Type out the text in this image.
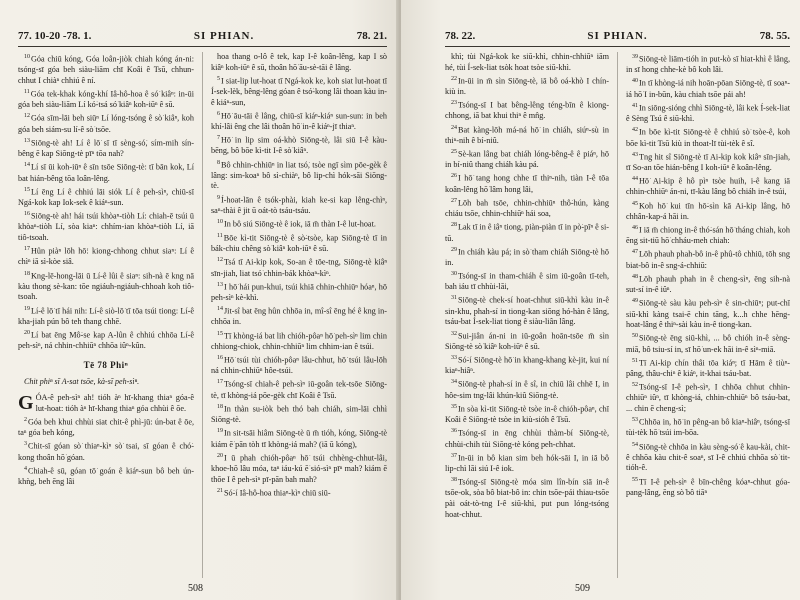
77. 10-20 -78. 1.	SI PHIAN.	78. 21.

$^{10}$Góa chiū kóng, Góa loân-jiòk chiah kóng án-ni: tsóng-sī góa beh siàu-liām chī Koâi ê Tsū, chhun-chhut I chiàⁿ chhiú ê ní.

$^{11}$Góa tek-khak kóng-khí Iâ-hô-hoa ê só͘ kiâⁿ: in-ūi góa beh siàu-liām Lí kó͘-tsá só͘ kiâⁿ koh-iūⁿ ê sū.

$^{12}$Góa sīm-lāi beh siūⁿ Lí lóng-tsóng ê sò͘ kiâⁿ, koh góa beh siám-su lí-ê sò͘ tsōe.

$^{13}$Siōng-tè ah! Lí ê lō͘ sī tī sèng-só͘, sím-mih sín-bêng ē kap Siōng-tè pīⁿ tōa nah?

$^{14}$Lí sī ūi koh-iūⁿ ê sīn tsōe Siōng-tè: tī bān kok, Lí bat hián-bêng tōa loân-lêng.

$^{15}$Lí ēng Lí ê chhiú lāi siók Lí ê peh-sìⁿ, chiū-sī Ngá-kok kap Iok-sek ê kiáⁿ-sun.

$^{16}$Siōng-tè ah! hái tsúi khòaⁿ-tiòh Lí: chiah-ē tsúi ū khòaⁿ-tiòh Lí, sòa kiaⁿ: chhím-ian khòaⁿ-tiòh Lí, iā tiô-tsoah.

$^{17}$Hûn piàⁿ lōh hō͘: kiong-chhong chhut siaⁿ: Lí ê chìⁿ iā sì-kòe siâ.

$^{18}$Kng-lē-hong-lāi ū Lí-ê lûi ê siaⁿ: sih-nà ē kng nā kàu thong sè-kan: tōe ngiáuh-ngiáuh-chhoah koh tiô-tsoah.

$^{19}$Lí-ê lō͘ tī hái nih: Lí-ê siò-lō͘ tī tōa tsúi tiong: Lí-ê kha-jiah pún bô teh thang chhē.

$^{20}$Lí bat ēng Mô͘-se kap A-lûn ê chhiú chhōa Lí-ê peh-sìⁿ, ná chhin-chhiūⁿ chhōa iûⁿ-kûn.

Tē 78 Phiⁿ
Chit phiⁿ sī A-sat tsōe, kà-sī peh-sìⁿ.

GÓA-ê peh-sìⁿ ah! tióh àⁿ hī-khang thiaⁿ góa-ê lut-hoat: tióh àⁿ hī-khang thiaⁿ góa chhùi ê ōe.

$^2$Góa beh khui chhùi siat chit-ê phì-jū: ún-bat ê ōe, taⁿ góa beh kóng,

$^3$Chit-sī góan sò͘ thiaⁿ-kìⁿ sò͘ tsai, sī góan ê chó͘-kong thoân hō͘ góan.

$^4$Chiah-ê sū, góan tō͘ goán ê kiáⁿ-sun bô beh ún-khǹg, beh ēng lâi

hoa thang o-lô ê tek, kap I-ê koân-lêng, kap I sò͘ kiâⁿ koh-iūⁿ ê sū, thoân hō͘ āu-sè-tāi ê lâng.

$^5$I siat-lip lut-hoat tī Ngá-kok ke, koh siat lut-hoat tī Í-sek-lèk, bêng-lêng góan ê tsó͘-kong lâi thoan kàu in-ê kiáⁿ-sun,

$^6$Hō͘ āu-tāi ê lâng, chiū-sī kiáⁿ-kiáⁿ sun-sun: in beh khí-lâi êng che lâi thoân hō͘ in-ê kiáⁿ-jī thiaⁿ.

$^7$Hō͘ in lip sim oá-khò Siōng-tè, lâi siū I-ê kàu-bēng, bô bōe kì-tit I-ê sò͘ kiâⁿ.

$^8$Bô chhin-chhiūⁿ in liat tsó͘, tsòe ngī sìm pōe-gèk ê lâng: sim-koaⁿ bô sì-chiàⁿ, bô lip-chì hók-sāi Siōng-tè.

$^9$Í-hoat-lān ê tsók-phài, kiah ke-si kap lêng-chìⁿ, saⁿ-thài ê jit ū oát-tò tsáu-tsáu.

$^{10}$In bô siú Siōng-tè ê iok, iā m̄ thàn I-ê lut-hoat.

$^{11}$Bōe kì-tit Siōng-tè ê sò͘-tsòe, kap Siōng-tè tī in bák-chiu chêng sò͘ kiâⁿ koh-iūⁿ ê sū.

$^{12}$Tsá tī Ai-kip kok, So-an ê tōe-tng, Siōng-tè kiâⁿ sīn-jiah, liat tsó͘ chhin-bák khòaⁿ-kìⁿ.

$^{13}$I hō͘ hái pun-khui, tsúi khiā chhin-chhiūⁿ hóaⁿ, hō͘ peh-sìⁿ kè-khì.

$^{14}$Jit-sî bat ēng hûn chhōa in, mî-sî ēng hé ê kng in-chhōa in.

$^{15}$Tī khòng-iá bat lih chióh-pôaⁿ hō͘ peh-sìⁿ lim chin chhiong-chiok, chhin-chhiūⁿ lim chhim-ian ê tsúi.

$^{16}$Hō͘ tsúi tùi chióh-pôaⁿ lâu-chhut, hō͘ tsúi lâu-lōh ná chhin-chhiūⁿ hôe-tsúi.

$^{17}$Tsóng-sī chiah-ê peh-sìⁿ iū-goân tek-tsōe Siōng-tè, tī khòng-iá pōe-gèk chī Koâi ê Tsū.

$^{18}$In thàn su-iòk beh thó bah chiáh, sim-lāi chhì Siōng-tè.

$^{19}$In sit-tsāi hiâm Siōng-tè ū m̄ tióh, kóng, Siōng-tè kiám ē͘ pān tòh tī khòng-iá mah? (iā ū kóng),

$^{20}$I ū phah chióh-pôaⁿ hō͘ tsúi chhèng-chhut-lâi, khoe-hō lâu móa, taⁿ iáu-kú ē͘ sió-sìⁿ pīⁿ mah? kiám ē thōe I ê peh-sìⁿ pī-pān bah mah?

$^{21}$Só͘-í Iâ-hô-hoa thiaⁿ-kìⁿ chiū siū-

508
78. 22.	SI PHIAN.	78. 55.

khì; tùi Ngá-kok ke siū-khì, chhin-chhiūⁿ iām hé, tùi Í-sek-liat tsòk hoat tsòe siū-khì.

$^{22}$In-ūi in m̄ sìn Siōng-tè, iā bô oá-khò I chín-kiù in.

$^{23}$Tsóng-sī I bat bêng-lêng téng-bīn ê kiong-chhong, iā bat khui thiⁿ ê mn̂g.

$^{24}$Bat kàng-lōh má-ná hō͘ in chiáh, siúⁿ-sù in thiⁿ-nih ê bí-niû.

$^{25}$Sè-kan lâng bat chiáh lóng-bêng-ê ê piáⁿ, hō͘ in bí-niû thang chiáh kàu pá.

$^{26}$I hō͘ tang hong chhe tī thiⁿ-nih, tiàn I-ê tōa koân-lêng hō͘ lâm hong lâi,

$^{27}$Lōh bah tsōe, chhin-chhiūⁿ thô͘-hún, kàng chiáu tsōe, chhin-chhiūⁿ hái soa,

$^{28}$Lak tī in ê iâⁿ tiong, piàn-piàn tī in pò͘-pīⁿ ê si-tū.

$^{29}$In chiáh kàu pá; in sò͘ tham chiáh Siōng-tè hō͘ in.

$^{30}$Tsóng-sī in tham-chiáh ê sim iū-goân tī-teh, bah iáu tī chhùi-lāi,

$^{31}$Siōng-tè chek-sí hoat-chhut siū-khì kàu in-ê sin-khu, phah-sí in tiong-kan siōng hó-hàn ê lâng, tsáu-bat Í-sek-liat tiong ê siàu-liân lâng.

$^{32}$Sui-jiân án-ni in iū-goân hoān-tsōe m̄ sìn Siōng-tè sò͘ kiâⁿ koh-iūⁿ ê sū.

$^{33}$Só͘-í Siōng-tè hō͘ in khang-khang kè-jit, kui ní kiaⁿ-hiâⁿ.

$^{34}$Siōng-tè phah-sí in ê sî, in chiū lâi chhē I, in hôe-sim tng-lâi khún-kiû Siōng-tè.

$^{35}$In sòa kì-tit Siōng-tè tsòe in-ê chióh-pôaⁿ, chī Koâi ê Siōng-tè tsòe in kiù-sióh ê Tsū.

$^{36}$Tsóng-sī in ēng chhùi thàm-bí Siōng-tè, chhùi-chih tùi Siōng-tè kóng peh-chhat.

$^{37}$In-ūi in bô kian sim beh hók-sāi I, in iā bô lip-chì lāi siú I-ê iok.

$^{38}$Tsóng-sī Siōng-tè móa sim lîn-bín siā in-ê tsōe-ok, sòa bô biat-bô in: chin tsōe-pái thiau-tsōe pài oát-tò-tng I-ê siū-khì, put pun lóng-tsóng hoat-chhut.

$^{39}$Siōng-tè liām-tióh in put-kò sī hiat-khì ê lâng, in sī hong chhe-kè bô koh lâi.

$^{40}$In tī khòng-iá nih hoān-pōan Siōng-tè, tī soaⁿ-iá hō͘ I in-būn, kàu chiah tsōe pái ah!

$^{41}$In siōng-sióng chhì Siōng-tè, lâi kek Í-sek-liat ê Sèng Tsú ê siū-khì.

$^{42}$In bōe kì-tit Siōng-tè ê chhiú sò͘ tsòe-ê, koh bōe kì-tit Tsū kiù in thoat-lī tùi-tèk ê sî.

$^{43}$Tng hit sî Siōng-tè tī Ai-kip kok kiâⁿ sīn-jiah, tī So-an tōe hián-bêng I koh-iūⁿ ê koân-lêng.

$^{44}$Hō͘ Ai-kip ê hô pìⁿ tsòe huih, i-ê kang iā chhin-chhiūⁿ án-ni, tī-kàu lâng bô chiáh in-ê tsúi,

$^{45}$Koh hō͘ kui tīn hō͘-sìn kā Ai-kip lâng, hō͘ chhân-kap-á hāi in.

$^{46}$I iā m̄ chiong in-ê thó͘-sán hō͘ tháng chiah, koh ēng sit-tiū hō͘ chháu-meh chiah:

$^{47}$Lōh phauh phah-bô in-ê phû-tô chhiū, tōh sng biat-bô in-ê sng-á-chhiū:

$^{48}$Lōh phauh phah in ê cheng-sìⁿ, ēng sih-nà sut-sí in-ê iûⁿ.

$^{49}$Siōng-tè sàu kàu peh-sìⁿ ê sin-chiūⁿ; put-chī siū-khì kàng tsai-ē chin tāng, k...h chhe hēng-hoat-lâng ê thiⁿ-sài kàu in-ê tiong-kan.

$^{50}$Siōng-tè ēng siū-khì, ... bô chióh in-ê sèng-miā, bô tsiu-sí in, sī hō͘ un-ek hāi in-ê sìⁿ-miā.

$^{51}$Tī Ai-kip chín thâi tōa kiáⁿ; tī Hām ê tiùⁿ-pâng, thâu-chiⁿ ê kiáⁿ, it-khai tsáu-bat.

$^{52}$Tsóng-sī I-ê peh-sìⁿ, I chhōa chhut chhin-chhiūⁿ iûⁿ, tī khòng-iá, chhin-chhiūⁿ bô tsáu-bat, ... chin ē cheng-sì;

$^{53}$Chhōa in, hō͘ in pêng-an bô kiaⁿ-hiâⁿ, tsóng-sī tùi-tèk hō͘ tsúi im-bōa.

$^{54}$Siōng-tè chhōa in kàu sèng-só͘ ê kau-kài, chit-ê chhōa kàu chit-ê soaⁿ, sī I-ê chhiú chhōa sò͘ tit-tióh-ê.

$^{55}$Tī I-ê peh-sìⁿ ê bīn-chêng kóaⁿ-chhut góa-pang-lâng, ēng sò͘ bô tiāⁿ

509
